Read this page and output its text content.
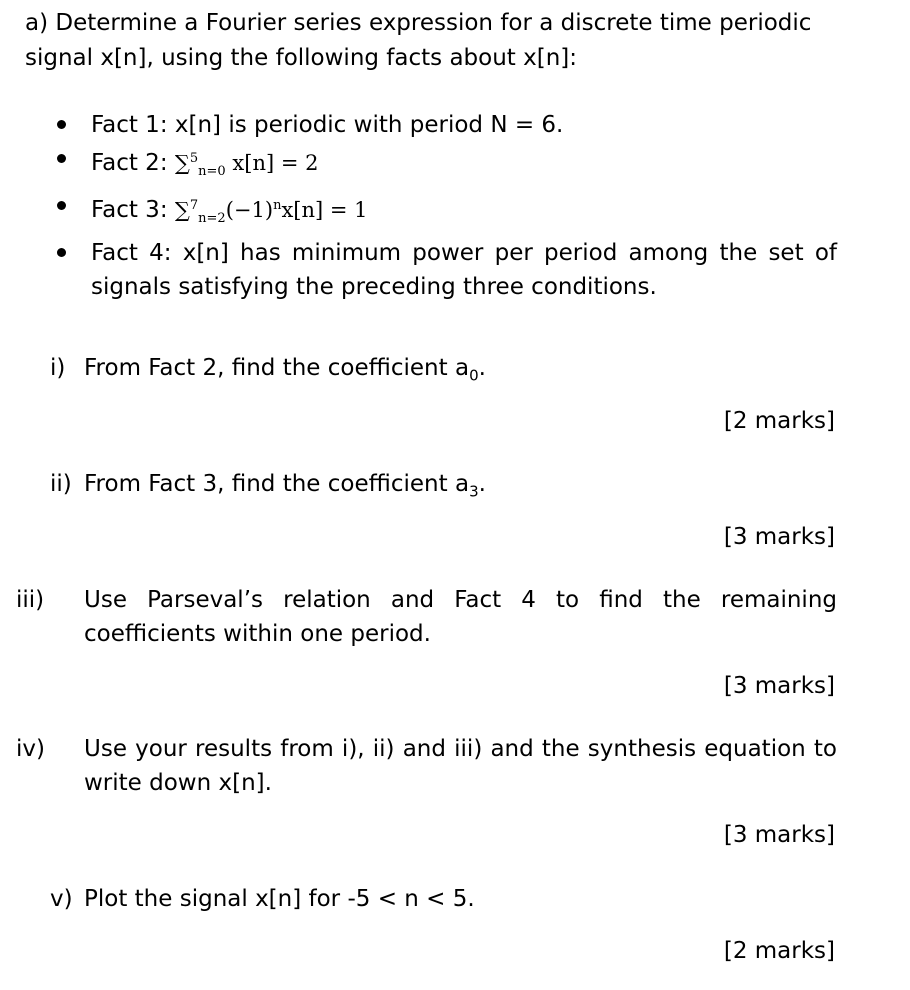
a) Determine a Fourier series expression for a discrete time periodic signal x[n], using the following facts about x[n]:

Fact 1: x[n] is periodic with period N = 6.
Fact 2: ∑$^5_{n=0}$ x[n] = 2
Fact 3: $\sum^7_{n=2}(-1)^nx[n] = 1$
Fact 4: x[n] has minimum power per period among the set of signals satisfying the preceding three conditions.
i) From Fact 2, find the coefficient $a_0$.
[2 marks]
ii) From Fact 3, find the coefficient $a_3$.
[3 marks]
iii) Use Parseval’s relation and Fact 4 to find the remaining coefficients within one period.
[3 marks]
iv) Use your results from i), ii) and iii) and the synthesis equation to write down x[n].
[3 marks]
v) Plot the signal x[n] for -5 < n < 5.
[2 marks]
